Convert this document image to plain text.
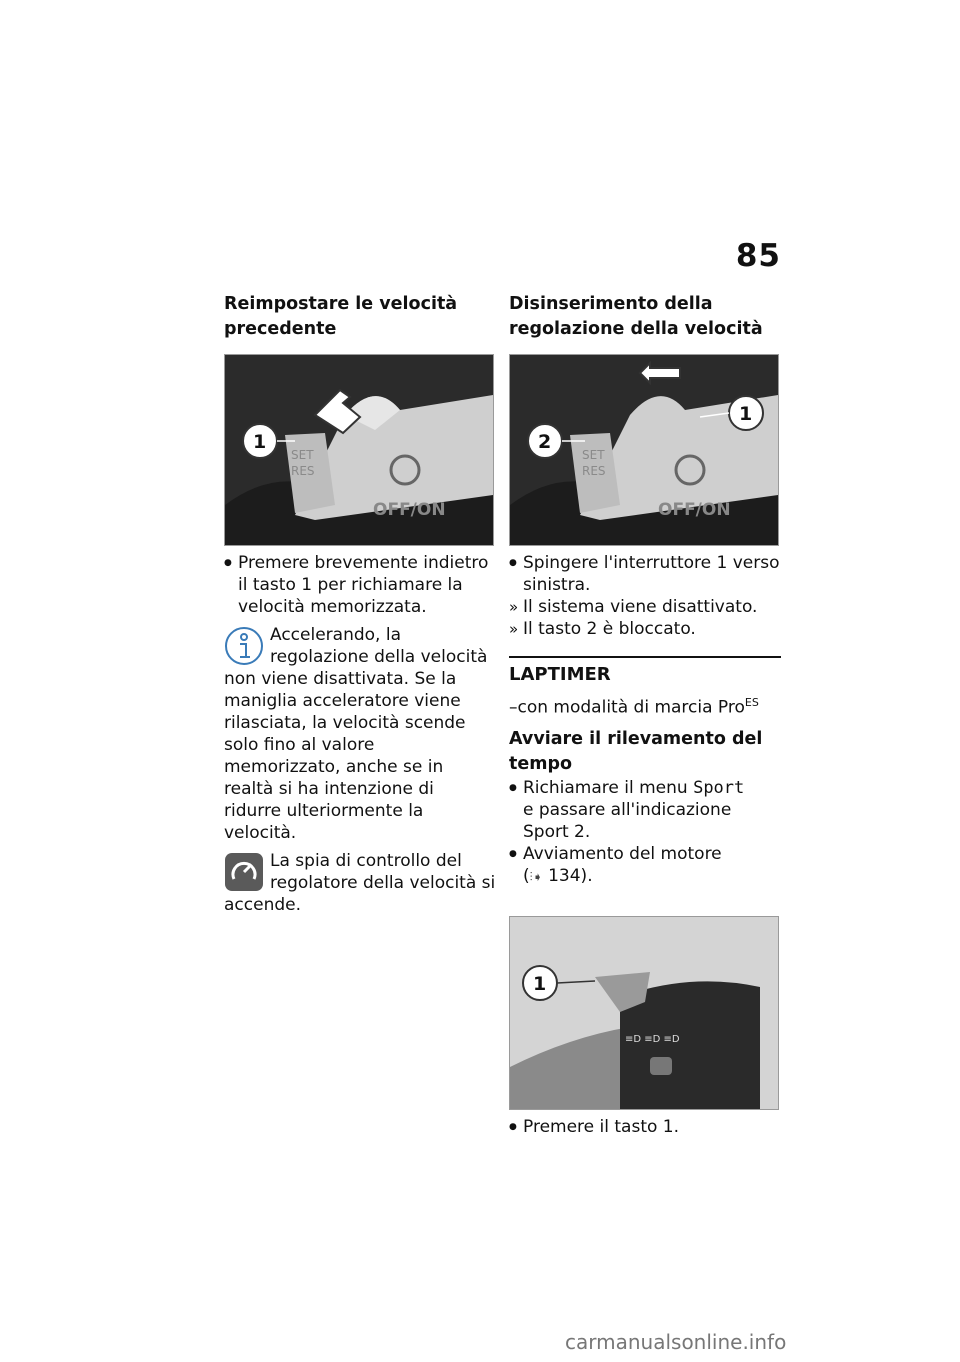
85
Reimpostare le velocità precedente
SET
RES
OFF/ON
1
● Premere brevemente indietro il tasto 1 per richiamare la velocità memorizzata.
Accelerando, la regolazione della velocità non viene disattivata. Se la maniglia acceleratore viene rilasciata, la velocità scende solo fino al valore memorizzato, anche se in realtà si ha intenzione di ridurre ulteriormente la velocità.
La spia di controllo del regolatore della velocità si accende.
Disinserimento della regolazione della velocità
SET
RES
OFF/ON
2
1
● Spingere l'interruttore 1 verso sinistra.
» Il sistema viene disattivato.
» Il tasto 2 è bloccato.
LAPTIMER

–con modalità di marcia Pro$^{ES}$

Avviare il rilevamento del tempo
● Richiamare il menu Sport
e passare all'indicazione Sport 2.
● Avviamento del motore
(⫶➧ 134).
≡D ≡D ≡D
1
● Premere il tasto 1.
carmanualsonline.info
